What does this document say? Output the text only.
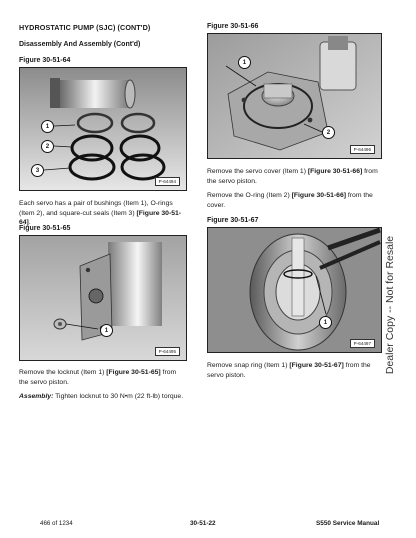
HYDROSTATIC PUMP (SJC) (CONT'D)
Disassembly And Assembly (Cont'd)
Figure 30-51-64
1
2
3
P-64494
Each servo has a pair of bushings (Item 1), O-rings (Item 2), and square-cut seals (Item 3) [Figure 30-51-64].
Figure 30-51-65
1
P-64495
Remove the locknut (Item 1) [Figure 30-51-65] from the servo piston.
Assembly: Tighten locknut to 30 N•m (22 ft-lb) torque.
Figure 30-51-66
1
2
P-64496
Remove the servo cover (Item 1) [Figure 30-51-66] from the servo piston.
Remove the O-ring (Item 2) [Figure 30-51-66] from the cover.
Figure 30-51-67
1
P-64497
Remove snap ring (Item 1) [Figure 30-51-67] from the servo piston.
Dealer Copy -- Not for Resale
466 of 1234	30-51-22	S550 Service Manual
